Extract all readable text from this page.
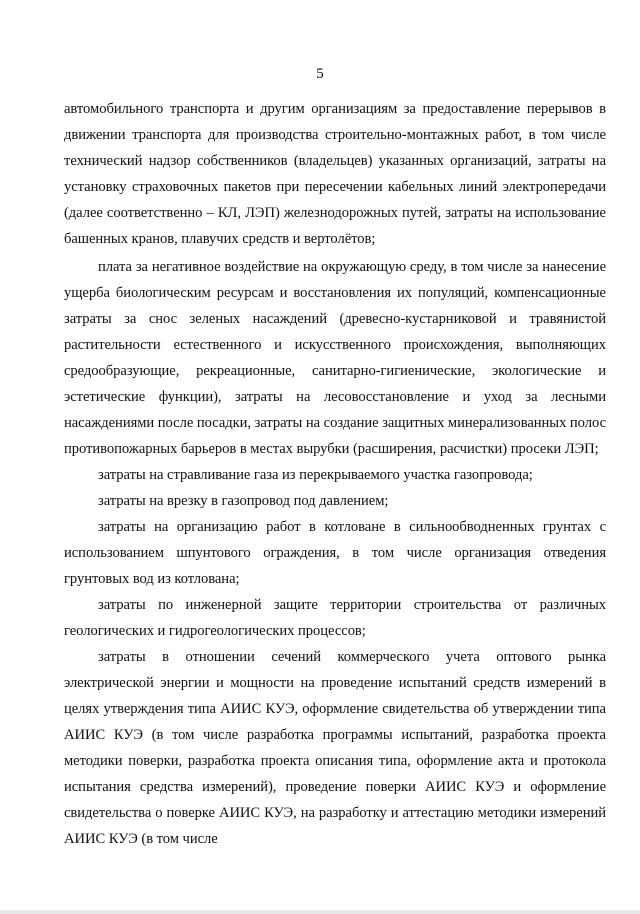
5

автомобильного транспорта и другим организациям за предоставление перерывов в движении транспорта для производства строительно-монтажных работ, в том числе технический надзор собственников (владельцев) указанных организаций, затраты на установку страховочных пакетов при пересечении кабельных линий электропередачи (далее соответственно – КЛ, ЛЭП) железнодорожных путей, затраты на использование башенных кранов, плавучих средств и вертолётов;

плата за негативное воздействие на окружающую среду, в том числе за нанесение ущерба биологическим ресурсам и восстановления их популяций, компенсационные затраты за снос зеленых насаждений (древесно-кустарниковой и травянистой растительности естественного и искусственного происхождения, выполняющих средообразующие, рекреационные, санитарно-гигиенические, экологические и эстетические функции), затраты на лесовосстановление и уход за лесными насаждениями после посадки, затраты на создание защитных минерализованных полос противопожарных барьеров в местах вырубки (расширения, расчистки) просеки ЛЭП;

затраты на стравливание газа из перекрываемого участка газопровода;

затраты на врезку в газопровод под давлением;

затраты на организацию работ в котловане в сильнообводненных грунтах с использованием шпунтового ограждения, в том числе организация отведения грунтовых вод из котлована;

затраты по инженерной защите территории строительства от различных геологических и гидрогеологических процессов;

затраты в отношении сечений коммерческого учета оптового рынка электрической энергии и мощности на проведение испытаний средств измерений в целях утверждения типа АИИС КУЭ, оформление свидетельства об утверждении типа АИИС КУЭ (в том числе разработка программы испытаний, разработка проекта методики поверки, разработка проекта описания типа, оформление акта и протокола испытания средства измерений), проведение поверки АИИС КУЭ и оформление свидетельства о поверке АИИС КУЭ, на разработку и аттестацию методики измерений АИИС КУЭ (в том числе
